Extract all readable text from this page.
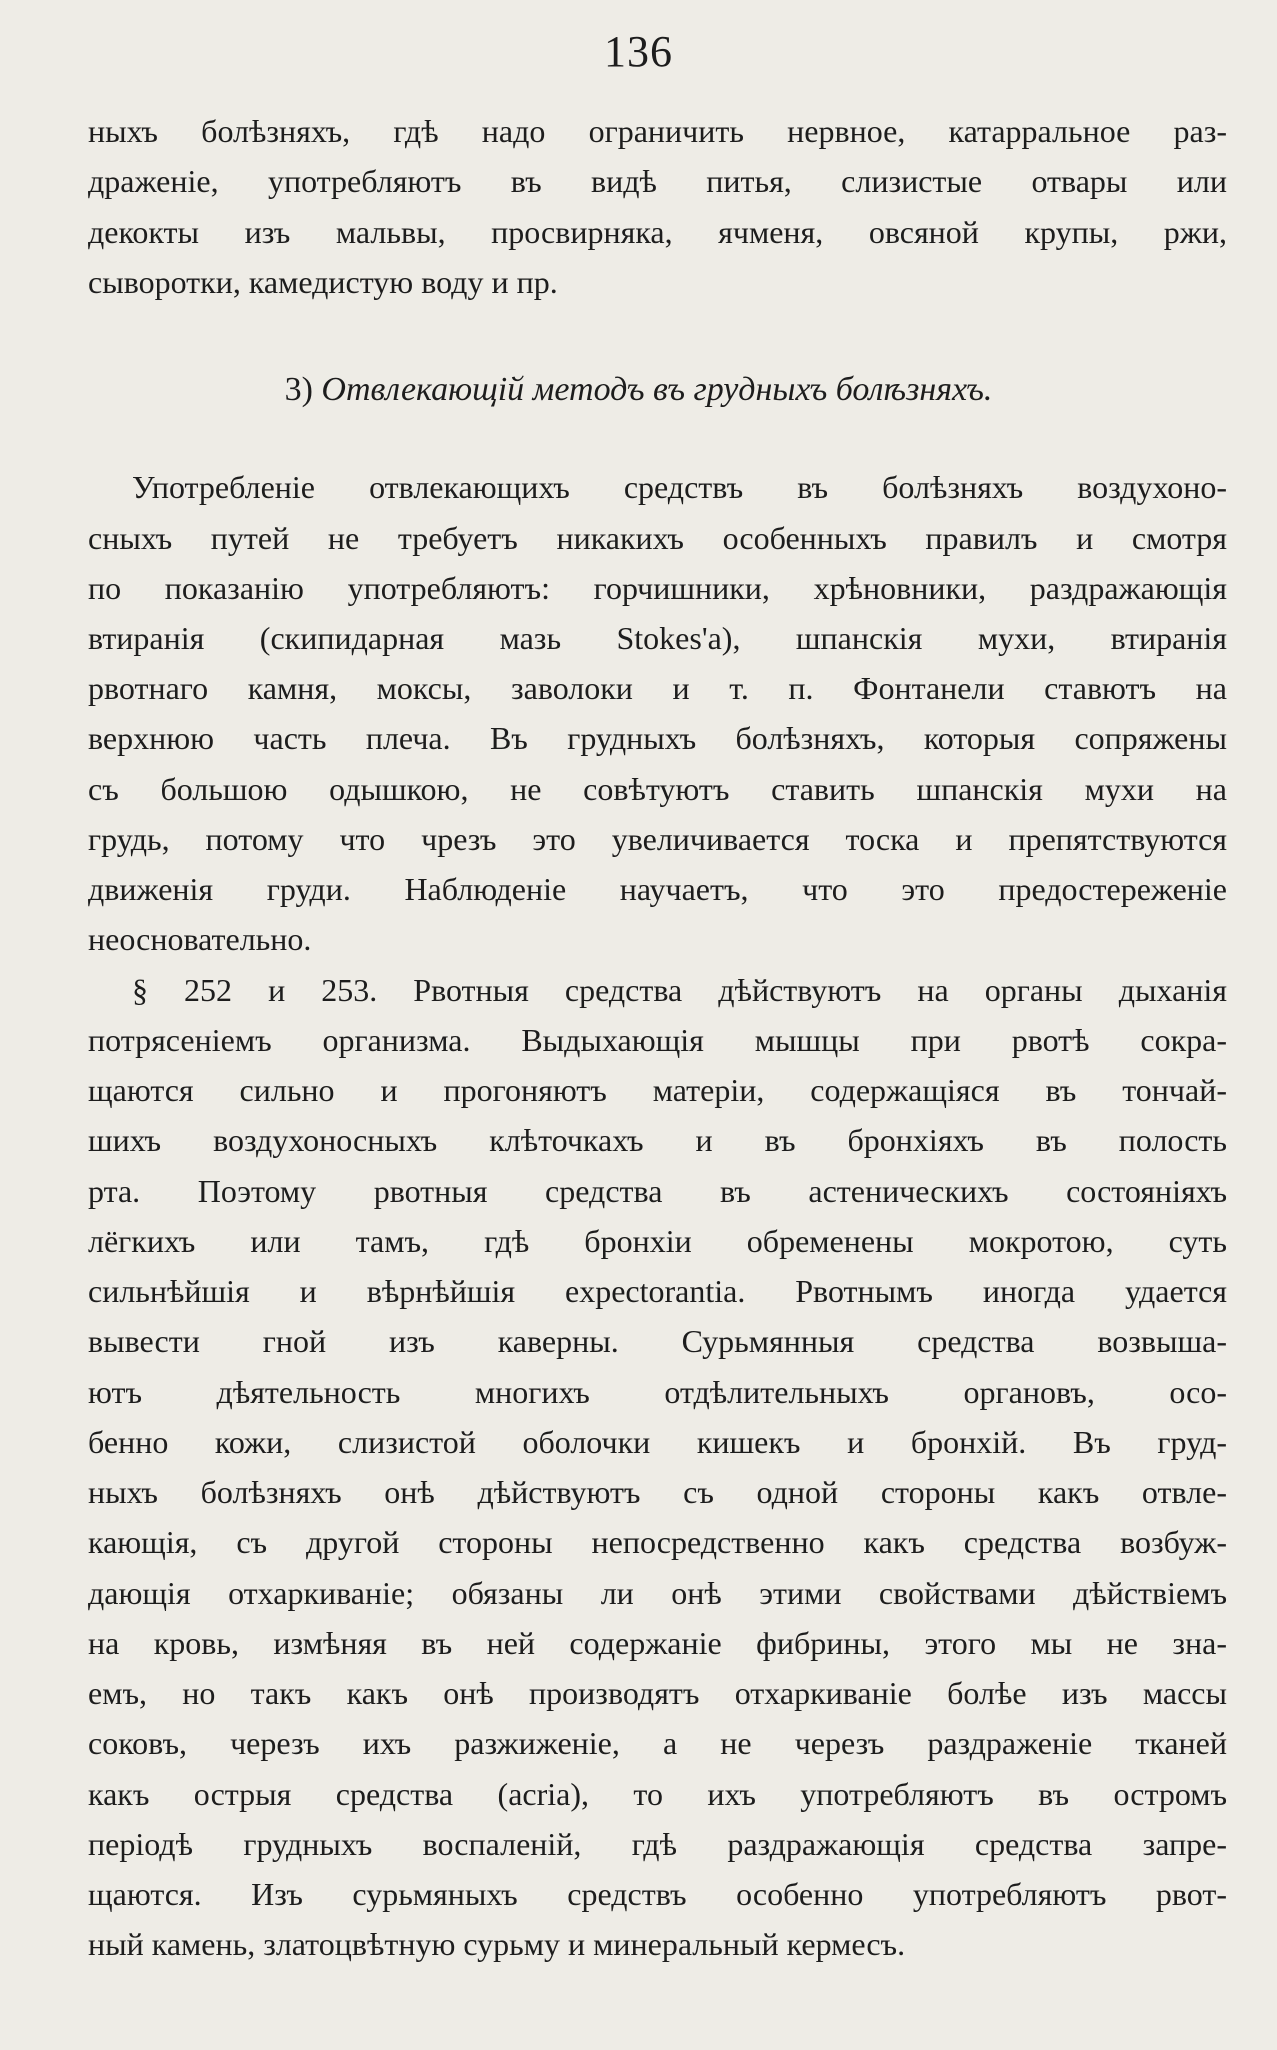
136
ныхъ болѣзняхъ, гдѣ надо ограничить нервное, катарральное раз-
драженіе, употребляютъ въ видѣ питья, слизистые отвары или
декокты изъ мальвы, просвирняка, ячменя, овсяной крупы, ржи,
сыворотки, камедистую воду и пр.
3) Отвлекающій методъ въ грудныхъ болѣзняхъ.
Употребленіе отвлекающихъ средствъ въ болѣзняхъ воздухоно-
сныхъ путей не требуетъ никакихъ особенныхъ правилъ и смотря
по показанію употребляютъ: горчишники, хрѣновники, раздражающія
втиранія (скипидарная мазь Stokes'а), шпанскія мухи, втиранія
рвотнаго камня, моксы, заволоки и т. п. Фонтанели ставютъ на
верхнюю часть плеча. Въ грудныхъ болѣзняхъ, которыя сопряжены
съ большою одышкою, не совѣтуютъ ставить шпанскія мухи на
грудь, потому что чрезъ это увеличивается тоска и препятствуются
движенія груди. Наблюденіе научаетъ, что это предостереженіе
неосновательно.
§ 252 и 253. Рвотныя средства дѣйствуютъ на органы дыханія
потрясеніемъ организма. Выдыхающія мышцы при рвотѣ сокра-
щаются сильно и прогоняютъ матеріи, содержащіяся въ тончай-
шихъ воздухоносныхъ клѣточкахъ и въ бронхіяхъ въ полость
рта. Поэтому рвотныя средства въ астеническихъ состояніяхъ
лёгкихъ или тамъ, гдѣ бронхіи обременены мокротою, суть
сильнѣйшія и вѣрнѣйшія expectorantia. Рвотнымъ иногда удается
вывести гной изъ каверны. Сурьмянныя средства возвыша-
ютъ дѣятельность многихъ отдѣлительныхъ органовъ, осо-
бенно кожи, слизистой оболочки кишекъ и бронхій. Въ груд-
ныхъ болѣзняхъ онѣ дѣйствуютъ съ одной стороны какъ отвле-
кающія, съ другой стороны непосредственно какъ средства возбуж-
дающія отхаркиваніе; обязаны ли онѣ этими свойствами дѣйствіемъ
на кровь, измѣняя въ ней содержаніе фибрины, этого мы не зна-
емъ, но такъ какъ онѣ производятъ отхаркиваніе болѣе изъ массы
соковъ, черезъ ихъ разжиженіе, а не черезъ раздраженіе тканей
какъ острыя средства (acria), то ихъ употребляютъ въ остромъ
періодѣ грудныхъ воспаленій, гдѣ раздражающія средства запре-
щаются. Изъ сурьмяныхъ средствъ особенно употребляютъ рвот-
ный камень, златоцвѣтную сурьму и минеральный кермесъ.
